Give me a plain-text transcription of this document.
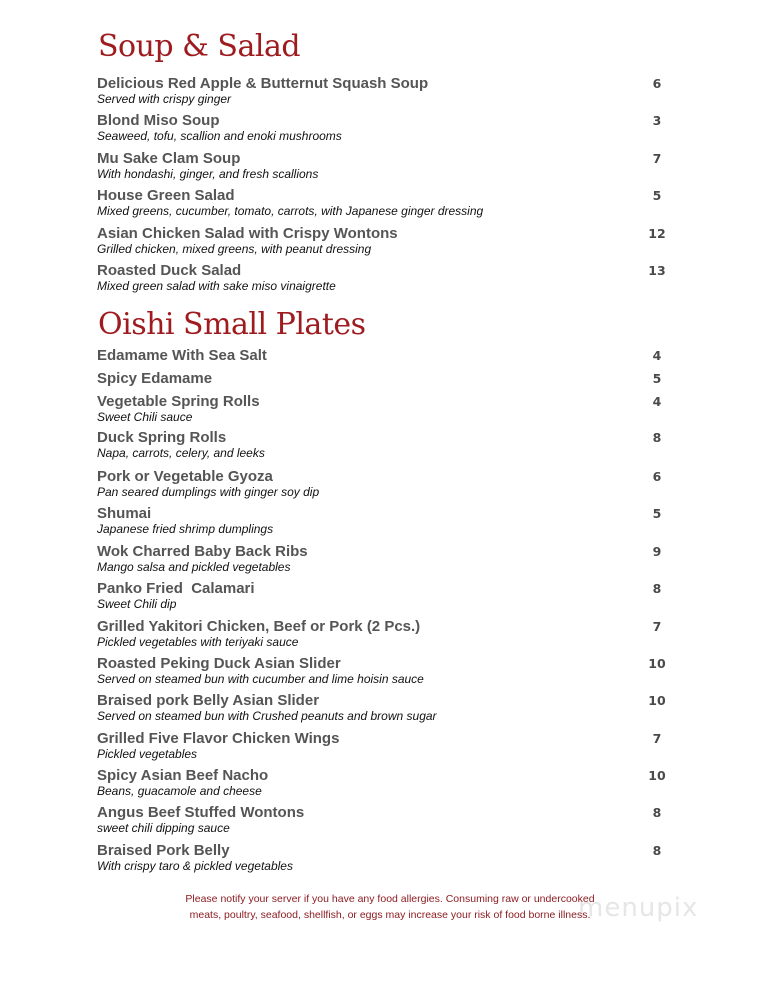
Soup & Salad
Delicious Red Apple & Butternut Squash Soup
Served with crispy ginger
6
Blond Miso Soup
Seaweed, tofu, scallion and enoki mushrooms
3
Mu Sake Clam Soup
With hondashi, ginger, and fresh scallions
7
House Green Salad
Mixed greens, cucumber, tomato, carrots, with Japanese ginger dressing
5
Asian Chicken Salad with Crispy Wontons
Grilled chicken, mixed greens, with peanut dressing
12
Roasted Duck Salad
Mixed green salad with sake miso vinaigrette
13
Oishi Small Plates
Edamame With Sea Salt	4
Spicy Edamame	5
Vegetable Spring Rolls
Sweet Chili sauce
4
Duck Spring Rolls
Napa, carrots, celery, and leeks
8
Pork or Vegetable Gyoza
Pan seared dumplings with ginger soy dip
6
Shumai
Japanese fried shrimp dumplings
5
Wok Charred Baby Back Ribs
Mango salsa and pickled vegetables
9
Panko Fried  Calamari
Sweet Chili dip
8
Grilled Yakitori Chicken, Beef or Pork (2 Pcs.)
Pickled vegetables with teriyaki sauce
7
Roasted Peking Duck Asian Slider
Served on steamed bun with cucumber and lime hoisin sauce
10
Braised pork Belly Asian Slider
Served on steamed bun with Crushed peanuts and brown sugar
10
Grilled Five Flavor Chicken Wings
Pickled vegetables
7
Spicy Asian Beef Nacho
Beans, guacamole and cheese
10
Angus Beef Stuffed Wontons
sweet chili dipping sauce
8
Braised Pork Belly
With crispy taro & pickled vegetables
8
menupix
Please notify your server if you have any food allergies. Consuming raw or undercooked
meats, poultry, seafood, shellfish, or eggs may increase your risk of food borne illness.
